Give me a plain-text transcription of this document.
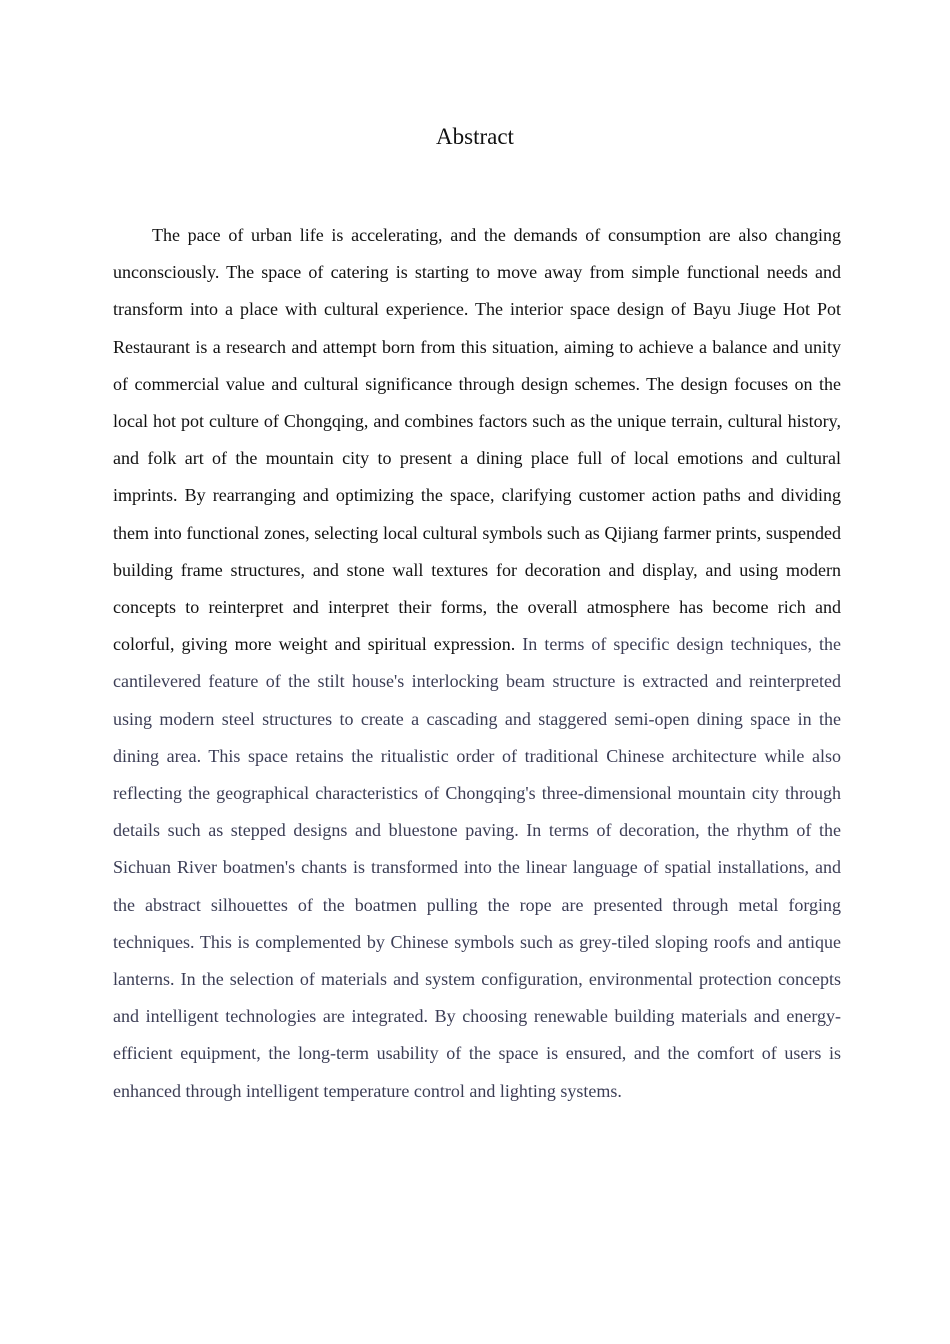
Abstract

The pace of urban life is accelerating, and the demands of consumption are also changing unconsciously. The space of catering is starting to move away from simple functional needs and transform into a place with cultural experience. The interior space design of Bayu Jiuge Hot Pot Restaurant is a research and attempt born from this situation, aiming to achieve a balance and unity of commercial value and cultural significance through design schemes. The design focuses on the local hot pot culture of Chongqing, and combines factors such as the unique terrain, cultural history, and folk art of the mountain city to present a dining place full of local emotions and cultural imprints. By rearranging and optimizing the space, clarifying customer action paths and dividing them into functional zones, selecting local cultural symbols such as Qijiang farmer prints, suspended building frame structures, and stone wall textures for decoration and display, and using modern concepts to reinterpret and interpret their forms, the overall atmosphere has become rich and colorful, giving more weight and spiritual expression. In terms of specific design techniques, the cantilevered feature of the stilt house's interlocking beam structure is extracted and reinterpreted using modern steel structures to create a cascading and staggered semi-open dining space in the dining area. This space retains the ritualistic order of traditional Chinese architecture while also reflecting the geographical characteristics of Chongqing's three-dimensional mountain city through details such as stepped designs and bluestone paving. In terms of decoration, the rhythm of the Sichuan River boatmen's chants is transformed into the linear language of spatial installations, and the abstract silhouettes of the boatmen pulling the rope are presented through metal forging techniques. This is complemented by Chinese symbols such as grey-tiled sloping roofs and antique lanterns. In the selection of materials and system configuration, environmental protection concepts and intelligent technologies are integrated. By choosing renewable building materials and energy-efficient equipment, the long-term usability of the space is ensured, and the comfort of users is enhanced through intelligent temperature control and lighting systems.
